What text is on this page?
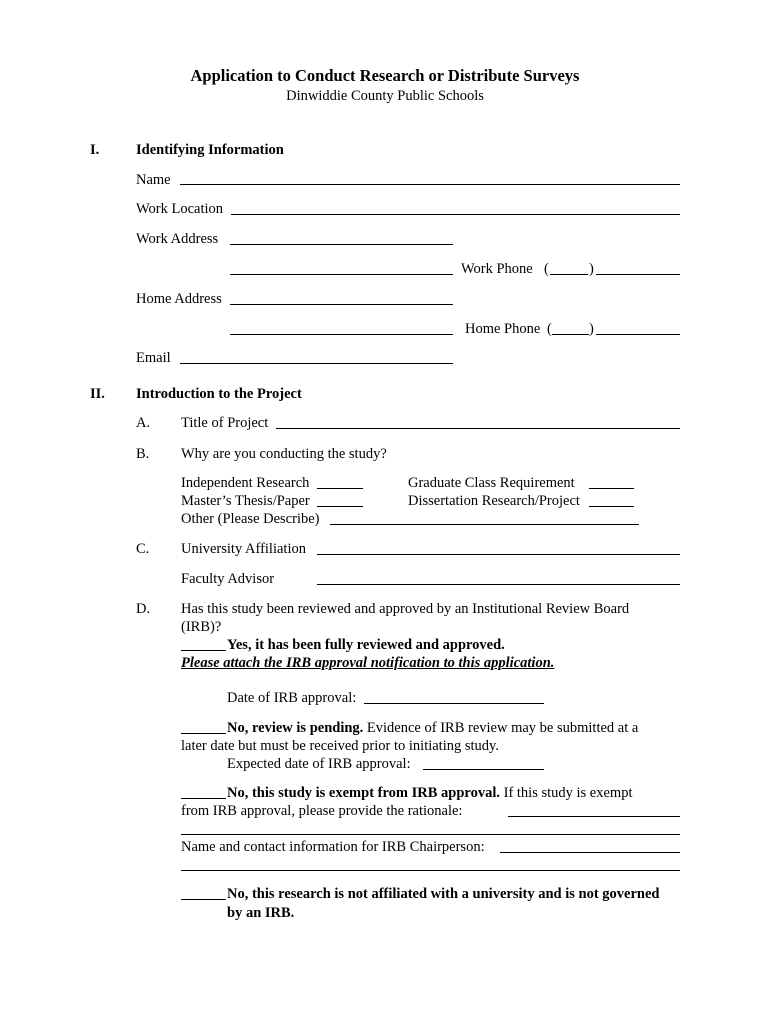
Application to Conduct Research or Distribute Surveys
Dinwiddie County Public Schools
I.	Identifying Information
Name
Work Location
Work Address
Work Phone (	)
Home Address
Home Phone (	)
Email
II. Introduction to the Project
A. Title of Project
B. Why are you conducting the study?
Independent Research	Graduate Class Requirement
Master’s Thesis/Paper	Dissertation Research/Project
Other (Please Describe)
C. University Affiliation
Faculty Advisor
D. Has this study been reviewed and approved by an Institutional Review Board
(IRB)?
Yes, it has been fully reviewed and approved.
Please attach the IRB approval notification to this application.
Date of IRB approval:
No, review is pending. Evidence of IRB review may be submitted at a
later date but must be received prior to initiating study.
Expected date of IRB approval:
No, this study is exempt from IRB approval. If this study is exempt
from IRB approval, please provide the rationale:
Name and contact information for IRB Chairperson:
No, this research is not affiliated with a university and is not governed
by an IRB.
